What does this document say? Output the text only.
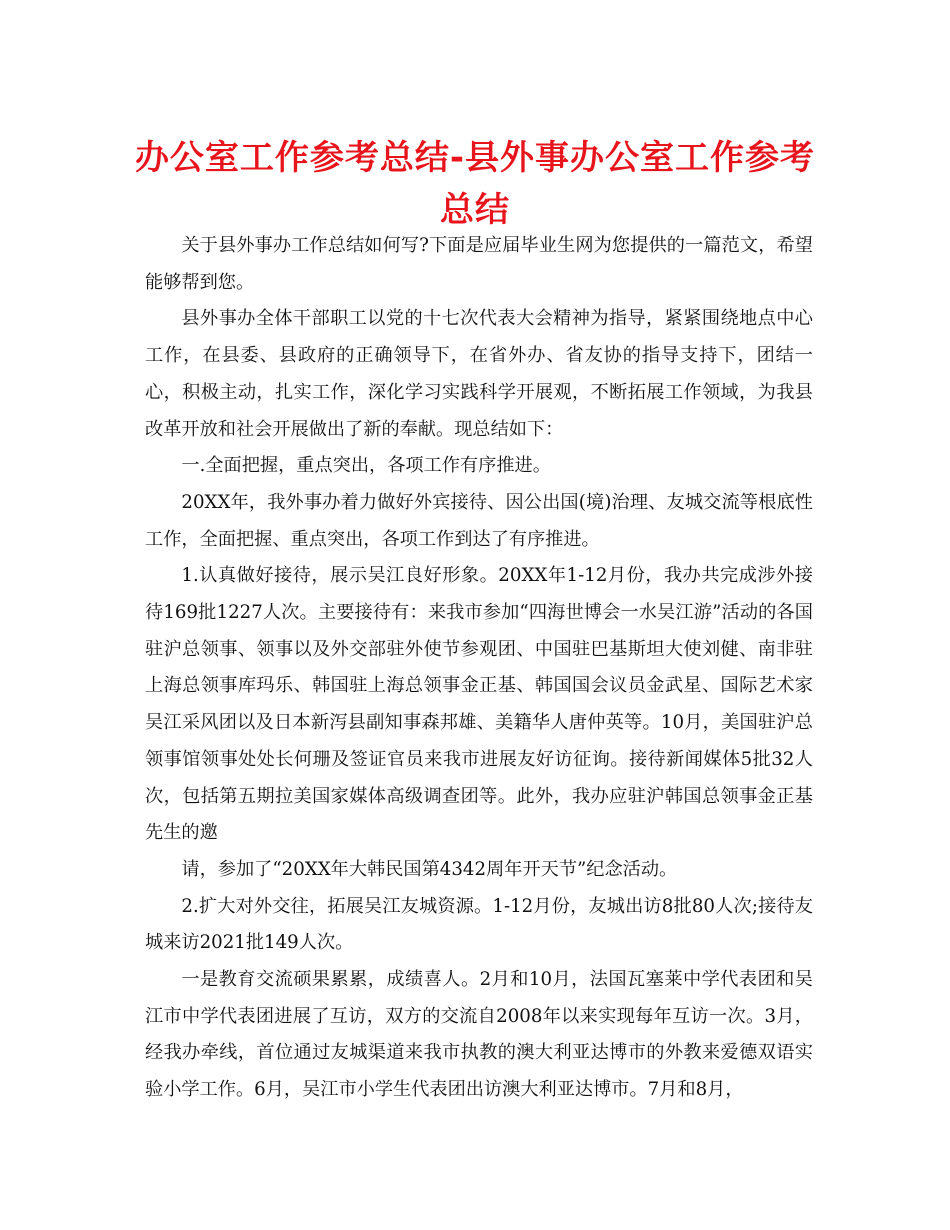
办公室工作参考总结-县外事办公室工作参考总结

关于县外事办工作总结如何写?下面是应届毕业生网为您提供的一篇范文，希望能够帮到您。

县外事办全体干部职工以党的十七次代表大会精神为指导，紧紧围绕地点中心工作，在县委、县政府的正确领导下，在省外办、省友协的指导支持下，团结一心，积极主动，扎实工作，深化学习实践科学开展观，不断拓展工作领域，为我县改革开放和社会开展做出了新的奉献。现总结如下：

一.全面把握，重点突出，各项工作有序推进。

20XX年，我外事办着力做好外宾接待、因公出国(境)治理、友城交流等根底性工作，全面把握、重点突出，各项工作到达了有序推进。

1.认真做好接待，展示吴江良好形象。20XX年1-12月份，我办共完成涉外接待169批1227人次。主要接待有：来我市参加“四海世博会一水吴江游”活动的各国驻沪总领事、领事以及外交部驻外使节参观团、中国驻巴基斯坦大使刘健、南非驻上海总领事库玛乐、韩国驻上海总领事金正基、韩国国会议员金武星、国际艺术家吴江采风团以及日本新泻县副知事森邦雄、美籍华人唐仲英等。10月，美国驻沪总领事馆领事处处长何珊及签证官员来我市进展友好访征询。接待新闻媒体5批32人次，包括第五期拉美国家媒体高级调查团等。此外，我办应驻沪韩国总领事金正基先生的邀

请，参加了“20XX年大韩民国第4342周年开天节”纪念活动。

2.扩大对外交往，拓展吴江友城资源。1-12月份，友城出访8批80人次;接待友城来访2021批149人次。

一是教育交流硕果累累，成绩喜人。2月和10月，法国瓦塞莱中学代表团和吴江市中学代表团进展了互访，双方的交流自2008年以来实现每年互访一次。3月，经我办牵线，首位通过友城渠道来我市执教的澳大利亚达博市的外教来爱德双语实验小学工作。6月，吴江市小学生代表团出访澳大利亚达博市。7月和8月，
